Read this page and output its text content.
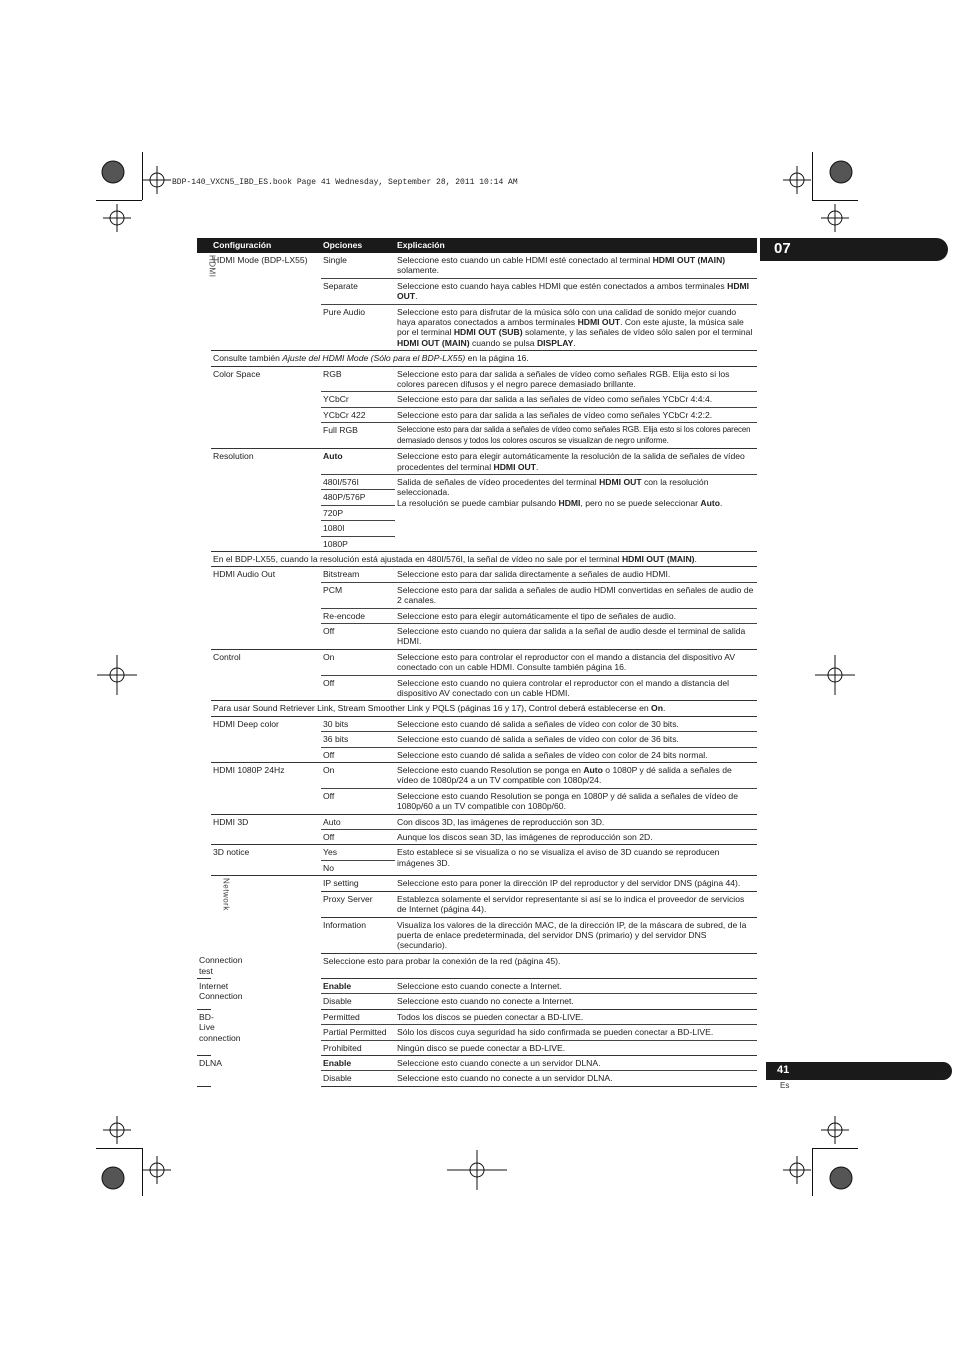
BDP-140_VXCN5_IBD_ES.book Page 41 Wednesday, September 28, 2011 10:14 AM
07
	Configuración	Opciones	Explicación

HDMI	HDMI Mode (BDP-LX55)	Single	Seleccione esto cuando un cable HDMI esté conectado al terminal HDMI OUT (MAIN) solamente.
		Separate	Seleccione esto cuando haya cables HDMI que estén conectados a ambos terminales HDMI OUT.
		Pure Audio	Seleccione esto para disfrutar de la música sólo con una calidad de sonido mejor cuando haya aparatos conectados a ambos terminales HDMI OUT. Con este ajuste, la música sale por el terminal HDMI OUT (SUB) solamente, y las señales de vídeo sólo salen por el terminal HDMI OUT (MAIN) cuando se pulsa DISPLAY.
	Consulte también Ajuste del HDMI Mode (Sólo para el BDP-LX55) en la página 16.		
	Color Space	RGB	Seleccione esto para dar salida a señales de vídeo como señales RGB. Elija esto si los colores parecen difusos y el negro parece demasiado brillante.
		YCbCr	Seleccione esto para dar salida a las señales de vídeo como señales YCbCr 4:4:4.
		YCbCr 422	Seleccione esto para dar salida a las señales de vídeo como señales YCbCr 4:2:2.
		Full RGB	Seleccione esto para dar salida a señales de vídeo como señales RGB. Elija esto si los colores parecen demasiado densos y todos los colores oscuros se visualizan de negro uniforme.
	Resolution	Auto	Seleccione esto para elegir automáticamente la resolución de la salida de señales de vídeo procedentes del terminal HDMI OUT.
		480I/576I	Salida de señales de vídeo procedentes del terminal HDMI OUT con la resolución seleccionada.
La resolución se puede cambiar pulsando HDMI, pero no se puede seleccionar Auto.
		480P/576P	
		720P	
		1080I	
		1080P	
	En el BDP-LX55, cuando la resolución está ajustada en 480I/576I, la señal de vídeo no sale por el terminal HDMI OUT (MAIN).		
	HDMI Audio Out	Bitstream	Seleccione esto para dar salida directamente a señales de audio HDMI.
		PCM	Seleccione esto para dar salida a señales de audio HDMI convertidas en señales de audio de 2 canales.
		Re-encode	Seleccione esto para elegir automáticamente el tipo de señales de audio.
		Off	Seleccione esto cuando no quiera dar salida a la señal de audio desde el terminal de salida HDMI.
	Control	On	Seleccione esto para controlar el reproductor con el mando a distancia del dispositivo AV conectado con un cable HDMI. Consulte también página 16.
		Off	Seleccione esto cuando no quiera controlar el reproductor con el mando a distancia del dispositivo AV conectado con un cable HDMI.
	Para usar Sound Retriever Link, Stream Smoother Link y PQLS (páginas 16 y 17), Control deberá establecerse en On.		
	HDMI Deep color	30 bits	Seleccione esto cuando dé salida a señales de vídeo con color de 30 bits.
		36 bits	Seleccione esto cuando dé salida a señales de vídeo con color de 36 bits.
		Off	Seleccione esto cuando dé salida a señales de vídeo con color de 24 bits normal.
	HDMI 1080P 24Hz	On	Seleccione esto cuando Resolution se ponga en Auto o 1080P y dé salida a señales de vídeo de 1080p/24 a un TV compatible con 1080p/24.
		Off	Seleccione esto cuando Resolution se ponga en 1080P y dé salida a señales de vídeo de 1080p/60 a un TV compatible con 1080p/60.
	HDMI 3D	Auto	Con discos 3D, las imágenes de reproducción son 3D.
		Off	Aunque los discos sean 3D, las imágenes de reproducción son 2D.
	3D notice	Yes	Esto establece si se visualiza o no se visualiza el aviso de 3D cuando se reproducen imágenes 3D.
		No	

	Network	IP setting	Seleccione esto para poner la dirección IP del reproductor y del servidor DNS (página 44).
		Proxy Server	Establezca solamente el servidor representante si así se lo indica el proveedor de servicios de Internet (página 44).
		Information	Visualiza los valores de la dirección MAC, de la dirección IP, de la máscara de subred, de la puerta de enlace predeterminada, del servidor DNS (primario) y del servidor DNS (secundario).
Connection test		Seleccione esto para probar la conexión de la red (página 45).	
Internet Connection		Enable	Seleccione esto cuando conecte a Internet.
		Disable	Seleccione esto cuando no conecte a Internet.
BD-Live connection		Permitted	Todos los discos se pueden conectar a BD-LIVE.
		Partial Permitted	Sólo los discos cuya seguridad ha sido confirmada se pueden conectar a BD-LIVE.
		Prohibited	Ningún disco se puede conectar a BD-LIVE.
DLNA		Enable	Seleccione esto cuando conecte a un servidor DLNA.
		Disable	Seleccione esto cuando no conecte a un servidor DLNA.
41
Es
